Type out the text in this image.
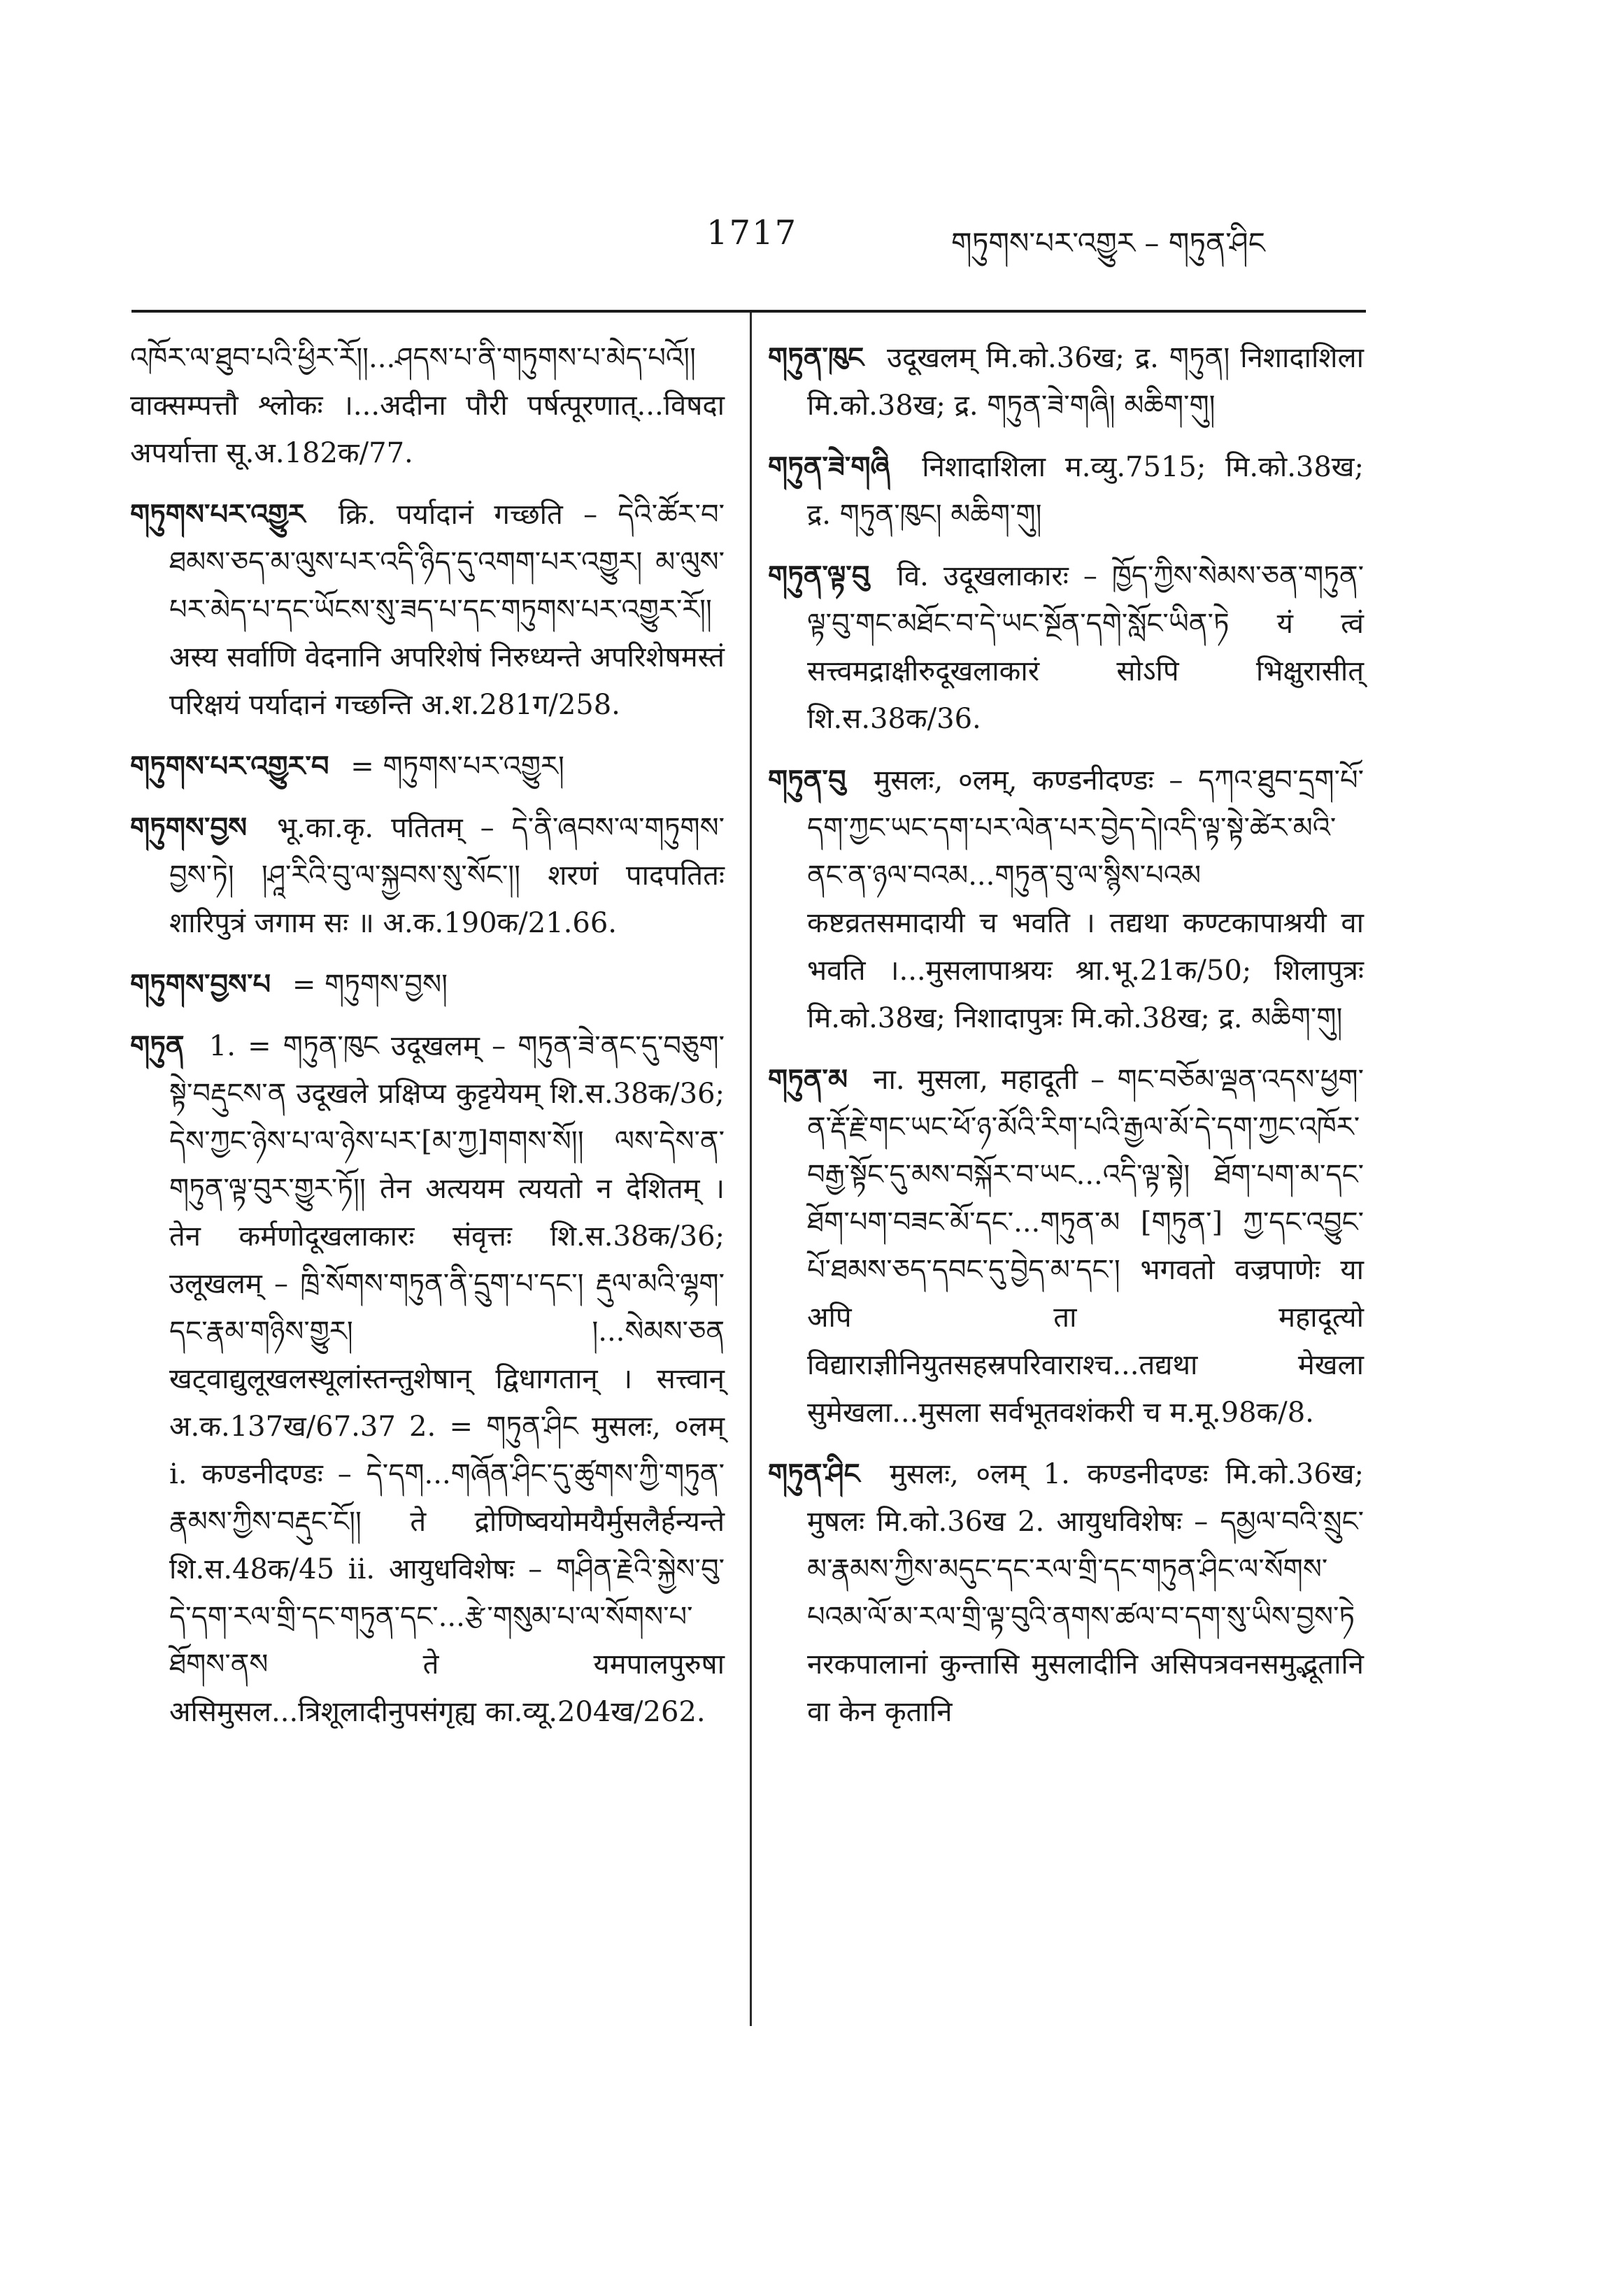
1717	གཏུགས་པར་འགྱུར – གཏུན་ཤིང

འཁོར་ལ་ཐུབ་པའི་ཕྱིར་རོ།།...ཤདས་པ་ནི་གཏུགས་པ་མེད་པའོ།། वाक्सम्पत्तौ श्लोकः ।...अदीना पौरी पर्षत्पूरणात्...विषदा अपर्यात्ता सू.अ.182क/77.

གཏུགས་པར་འགྱུར क्रि. पर्यादानं गच्छति – དེའི་ཚོར་བ་ཐམས་ཅད་མ་ལུས་པར་འདི་ཉིད་དུ་འགག་པར་འགྱུར། མ་ལུས་པར་མེད་པ་དང་ཡོངས་སུ་ཟད་པ་དང་གཏུགས་པར་འགྱུར་རོ།། अस्य सर्वाणि वेदनानि अपरिशेषं निरुध्यन्ते अपरिशेषमस्तं परिक्षयं पर्यादानं गच्छन्ति अ.श.281ग/258.

གཏུགས་པར་འགྱུར་བ = གཏུགས་པར་འགྱུར།

གཏུགས་བྱས भू.का.कृ. पतितम् – དེ་ནི་ཞབས་ལ་གཏུགས་བྱས་ཏེ། །ཤཱ་རིའི་བུ་ལ་སྐྱབས་སུ་སོང་།། शरणं पादपतितः शारिपुत्रं जगाम सः ॥ अ.क.190क/21.66.

གཏུགས་བྱས་པ = གཏུགས་བྱས།

གཏུན 1. = གཏུན་ཁུང उदूखलम् – གཏུན་ཟེ་ནང་དུ་བཅུག་སྟེ་བརྡུངས་ན उदूखले प्रक्षिप्य कुट्टयेयम् शि.स.38क/36; དེས་ཀྱང་ཉེས་པ་ལ་ཉེས་པར་[མ་ཀྱ]གགས་སོ།། ལས་དེས་ན་གཏུན་ལྟ་བུར་གྱུར་ཏོ།། तेन अत्ययम त्ययतो न देशितम् । तेन कर्मणोदूखलाकारः संवृत्तः शि.स.38क/36; उलूखलम् – ཁྲི་སོགས་གཏུན་ནི་དྲུག་པ་དང་། རྡུལ་མའི་ལྷག་དང་རྣམ་གཉིས་གྱུར། །...སེམས་ཅན खट्वाद्युलूखलस्थूलांस्तन्तुशेषान् द्विधागतान् । सत्त्वान् अ.क.137ख/67.37 2. = གཏུན་ཤིང मुसलः, ०लम् i. कण्डनीदण्डः – དེ་དག...གཞོན་ཤིང་དུ་ཚུགས་ཀྱི་གཏུན་རྣམས་ཀྱིས་བརྡུང་ངོ།། ते द्रोणिष्वयोमयैर्मुसलैर्हन्यन्ते शि.स.48क/45 ii. आयुधविशेषः – གཤིན་རྗེའི་སྐྱེས་བུ་དེ་དག་རལ་གྲི་དང་གཏུན་དང་...རྩེ་གསུམ་པ་ལ་སོགས་པ་ཐོགས་ནས ते यमपालपुरुषा असिमुसल...त्रिशूलादीनुपसंगृह्य का.व्यू.204ख/262.

གཏུན་ཁུང उदूखलम् मि.को.36ख; द्र. གཏུན། निशादाशिला मि.को.38ख; द्र. གཏུན་ཟེ་གཞི། མཆིག་གུ།

གཏུན་ཟེ་གཞི निशादाशिला म.व्यु.7515; मि.को.38ख; द्र. གཏུན་ཁུང། མཆིག་གུ།

གཏུན་ལྟ་བུ वि. उदूखलाकारः – ཁྱོད་ཀྱིས་སེམས་ཅན་གཏུན་ལྟ་བུ་གང་མཐོང་བ་དེ་ཡང་སྔོན་དགེ་སློང་ཡིན་ཏེ यं त्वं सत्त्वमद्राक्षीरुदूखलाकारं सोऽपि भिक्षुरासीत् शि.स.38क/36.

གཏུན་བུ मुसलः, ०लम्, कण्डनीदण्डः – དཀའ་ཐུབ་དྲག་པོ་དག་ཀྱང་ཡང་དག་པར་ལེན་པར་བྱེད་དེ།འདི་ལྟ་སྟེ་ཚེར་མའི་ནང་ན་ཉལ་བའམ...གཏུན་བུ་ལ་སྙིས་པའམ कष्टव्रतसमादायी च भवति । तद्यथा कण्टकापाश्रयी वा भवति ।...मुसलापाश्रयः श्रा.भू.21क/50; शिलापुत्रः मि.को.38ख; निशादापुत्रः मि.को.38ख; द्र. མཆིག་གུ།

གཏུན་མ ना. मुसला, महादूती – གང་བཅོམ་ལྡན་འདས་ཕྱག་ན་རྡོ་རྗེ་གང་ཡང་ཕོ་ཉ་མོའི་རིག་པའི་རྒྱལ་མོ་དེ་དག་ཀྱང་འཁོར་བརྒྱ་སྟོང་དུ་མས་བསྐོར་བ་ཡང...འདི་ལྟ་སྟེ། ཐོག་པག་མ་དང་ཐོག་པག་བཟང་མོ་དང་...གཏུན་མ [གཏུན་] ཀྱ་དང་འབྱུང་པོ་ཐམས་ཅད་དབང་དུ་བྱེད་མ་དང་། भगवतो वज्रपाणेः या अपि ता महादूत्यो विद्याराज्ञीनियुतसहस्रपरिवाराश्च...तद्यथा मेखला सुमेखला...मुसला सर्वभूतवशंकरी च म.मू.98क/8.

གཏུན་ཤིང मुसलः, ०लम् 1. कण्डनीदण्डः मि.को.36ख; मुषलः मि.को.36ख 2. आयुधविशेषः – དམྱལ་བའི་སྲུང་མ་རྣམས་ཀྱིས་མདུང་དང་རལ་གྲི་དང་གཏུན་ཤིང་ལ་སོགས་པའམ་ལོ་མ་རལ་གྲི་ལྟ་བུའི་ནགས་ཚལ་བ་དག་སུ་ཡིས་བྱས་ཏེ नरकपालानां कुन्तासि मुसलादीनि असिपत्रवनसमुद्भूतानि वा केन कृतानि
